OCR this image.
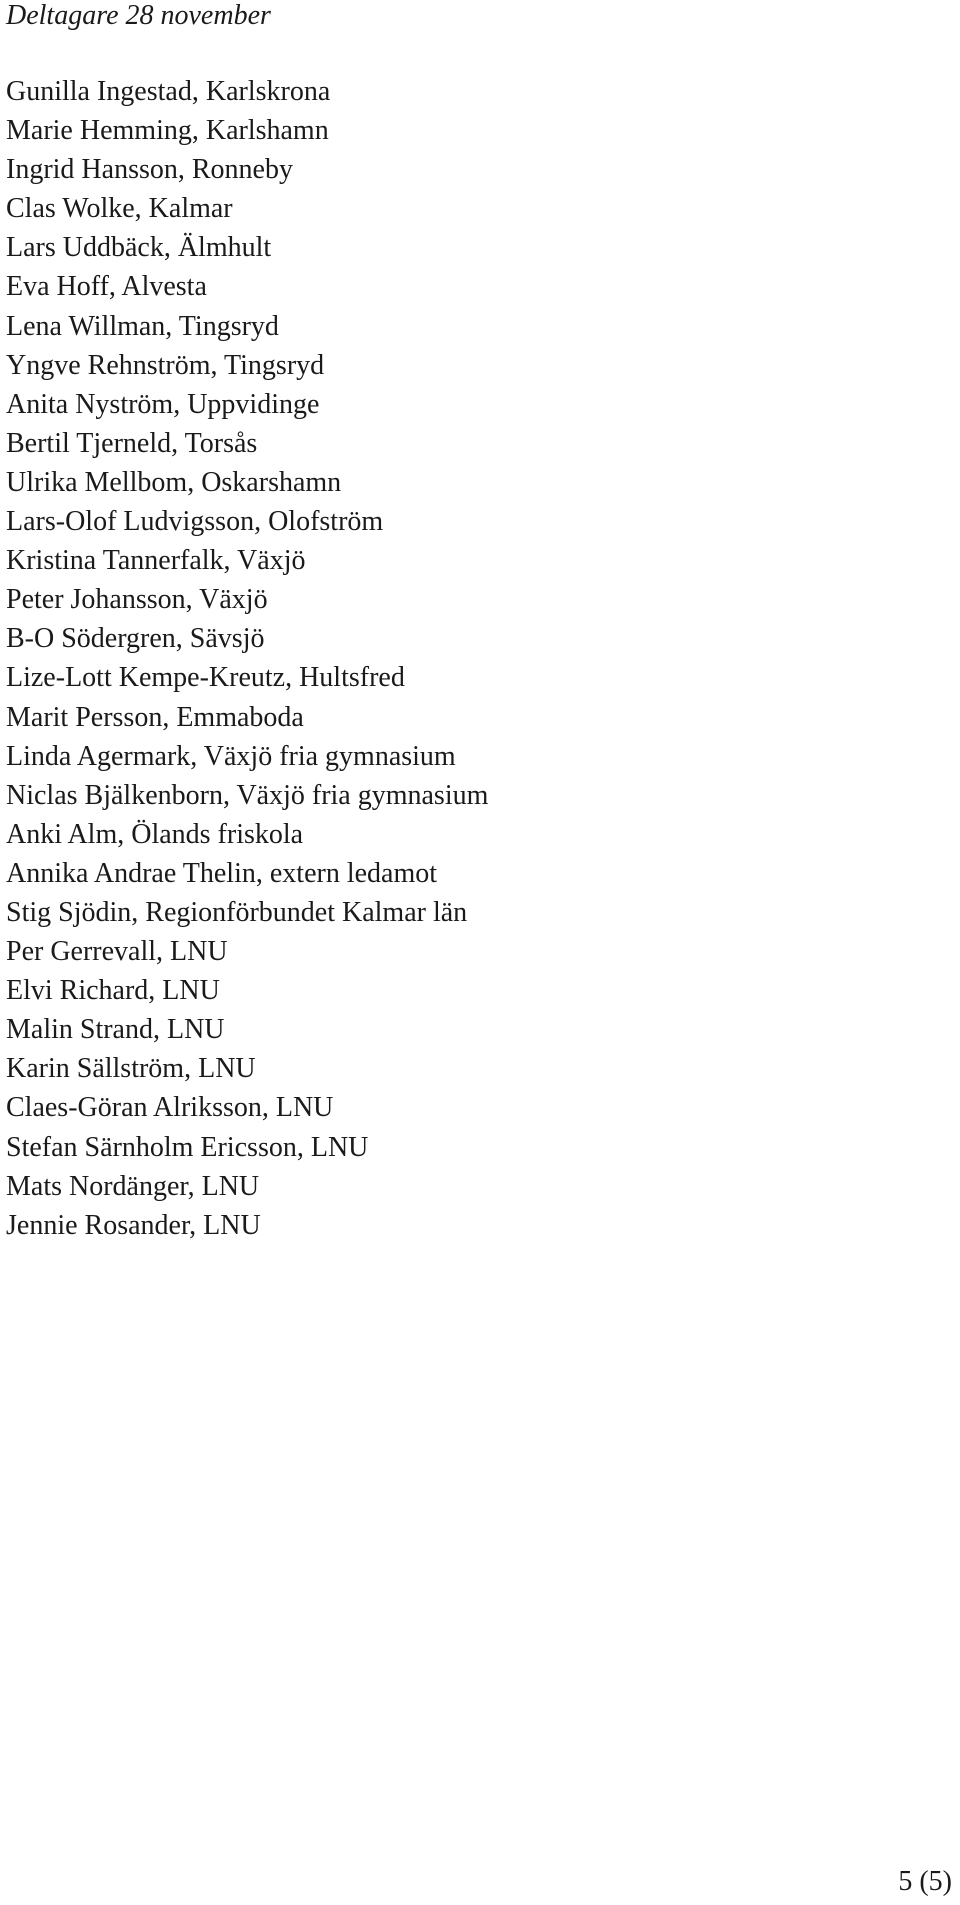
Deltagare 28 november
Gunilla Ingestad, Karlskrona
Marie Hemming, Karlshamn
Ingrid Hansson, Ronneby
Clas Wolke, Kalmar
Lars Uddbäck, Älmhult
Eva Hoff, Alvesta
Lena Willman, Tingsryd
Yngve Rehnström, Tingsryd
Anita Nyström, Uppvidinge
Bertil Tjerneld, Torsås
Ulrika Mellbom, Oskarshamn
Lars-Olof Ludvigsson, Olofström
Kristina Tannerfalk, Växjö
Peter Johansson, Växjö
B-O Södergren, Sävsjö
Lize-Lott Kempe-Kreutz, Hultsfred
Marit Persson, Emmaboda
Linda Agermark, Växjö fria gymnasium
Niclas Bjälkenborn, Växjö fria gymnasium
Anki Alm, Ölands friskola
Annika Andrae Thelin, extern ledamot
Stig Sjödin, Regionförbundet Kalmar län
Per Gerrevall, LNU
Elvi Richard, LNU
Malin Strand, LNU
Karin Sällström, LNU
Claes-Göran Alriksson, LNU
Stefan Särnholm Ericsson, LNU
Mats Nordänger, LNU
Jennie Rosander, LNU
5 (5)
